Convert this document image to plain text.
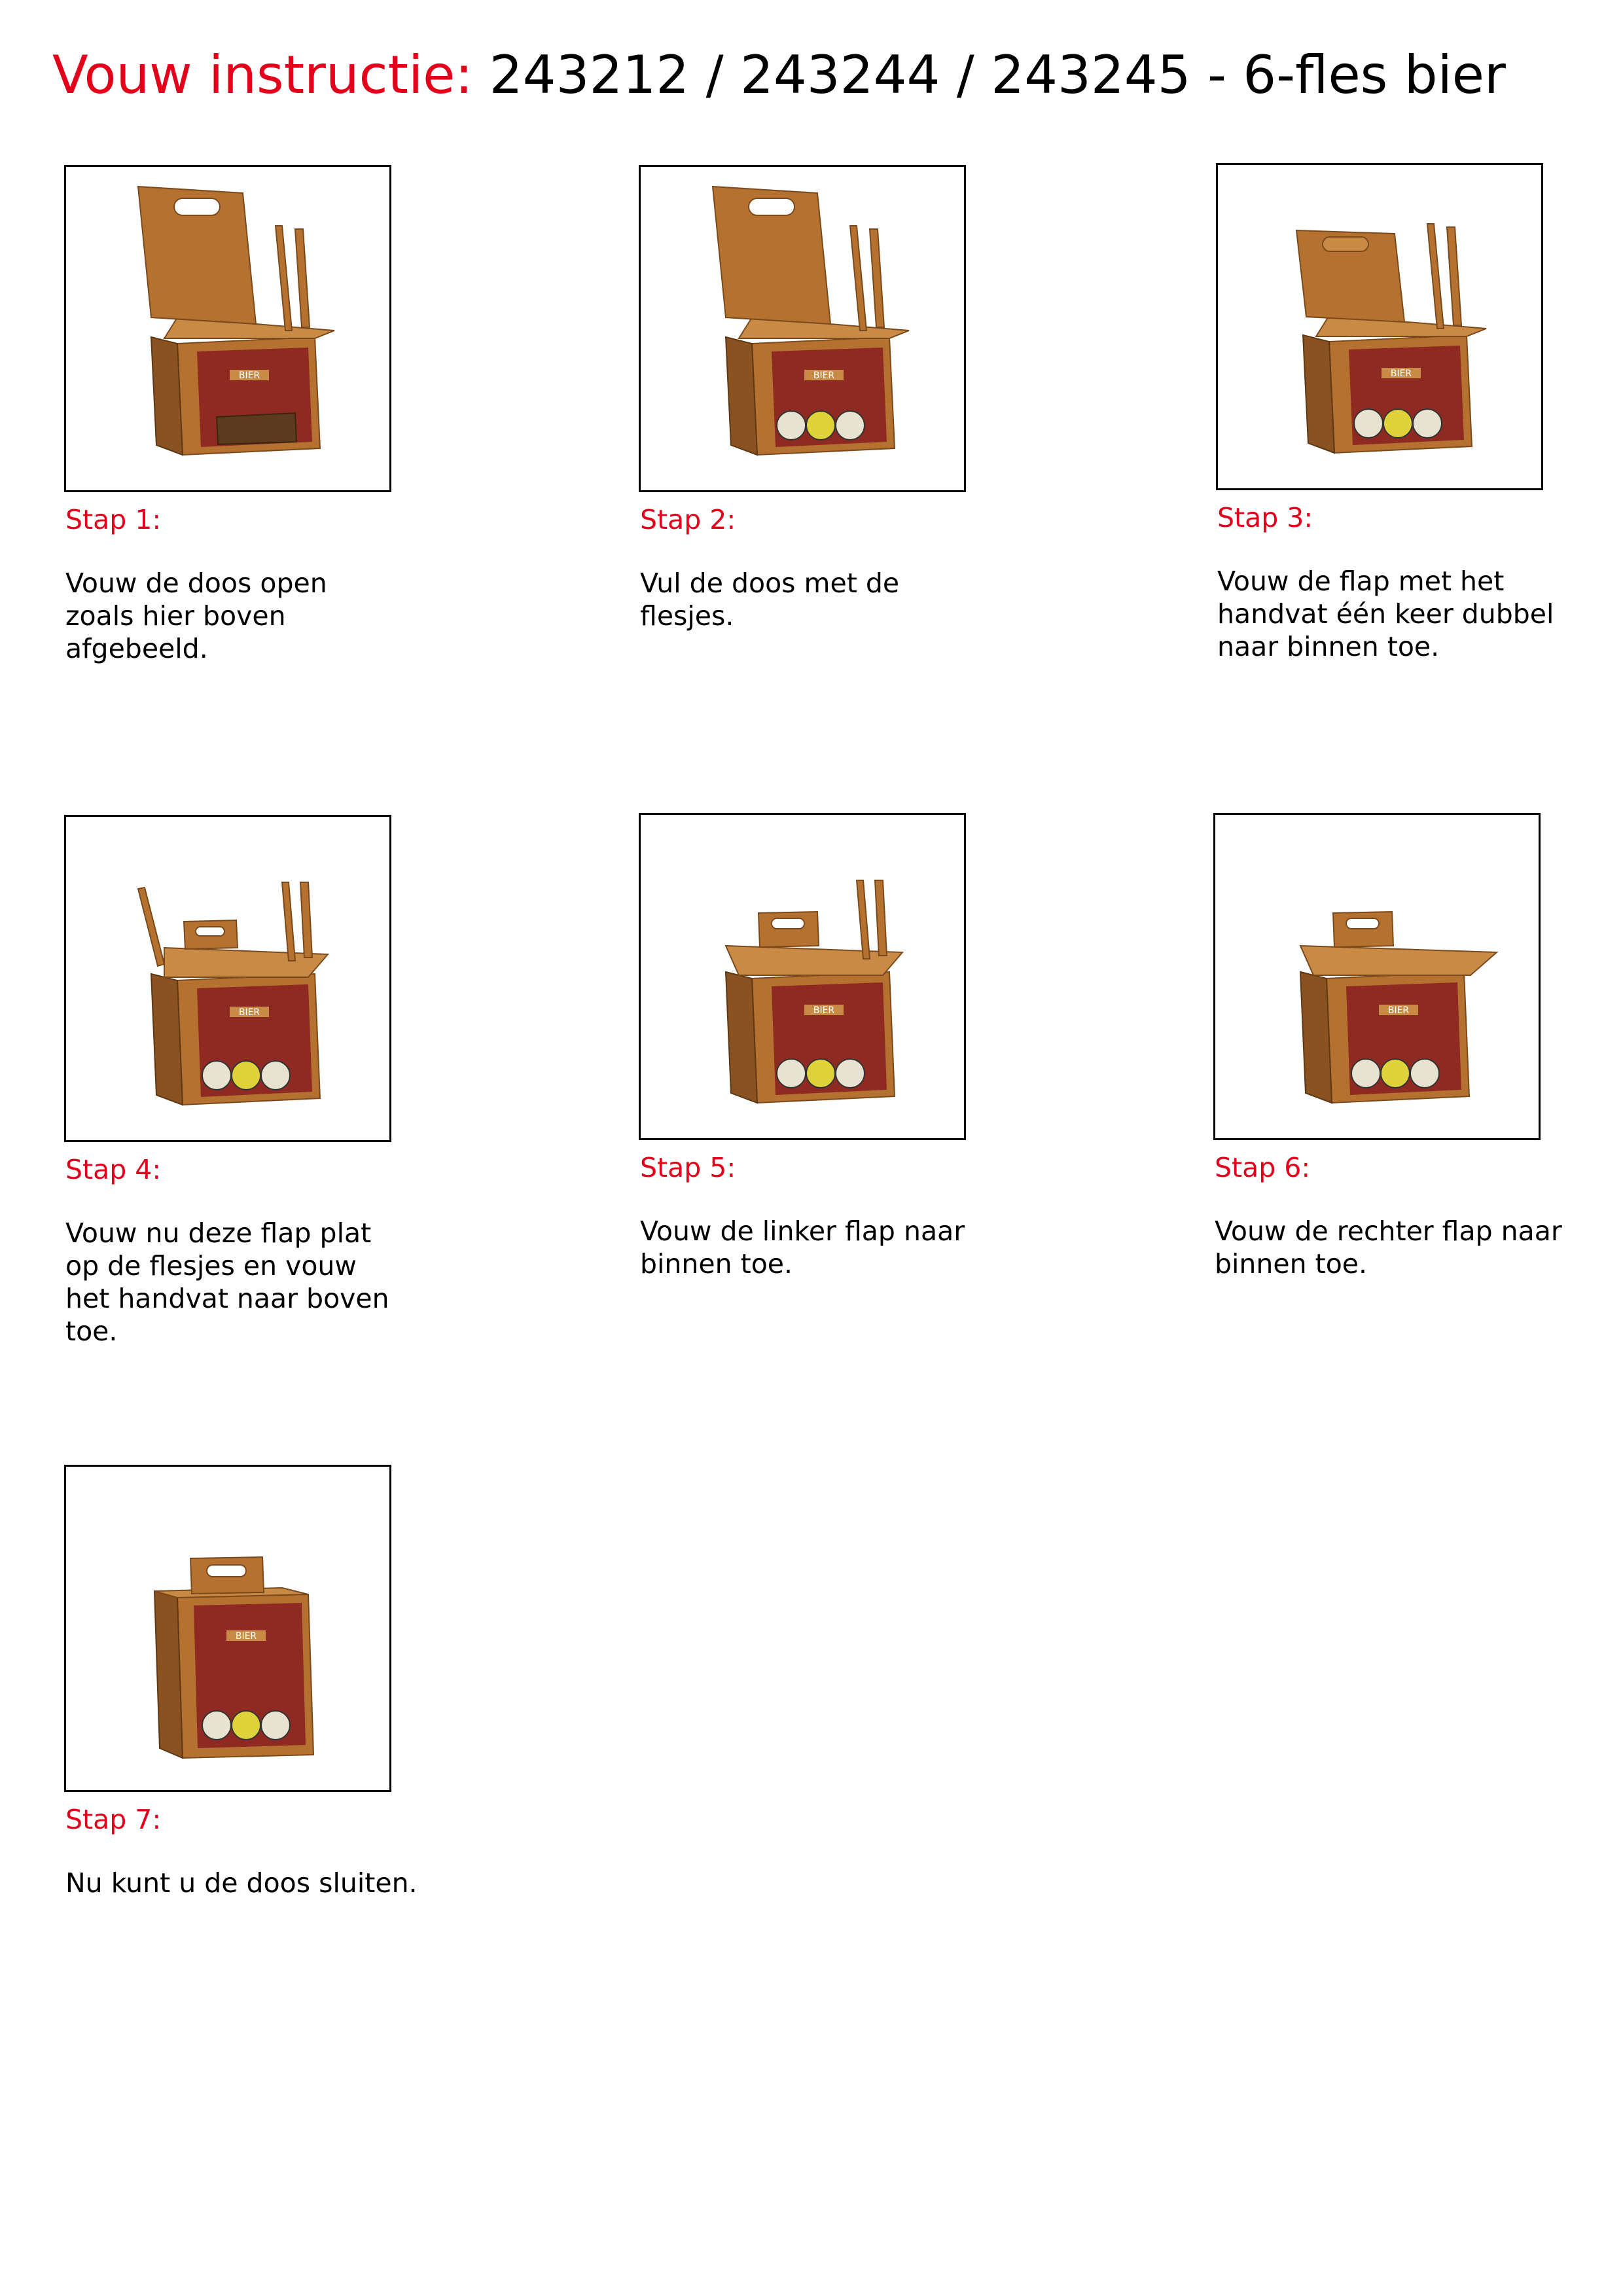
Vouw instructie: 243212 / 243244 / 243245 - 6-fles bier
BIER
Stap 1:
Vouw de doos open
zoals hier boven
afgebeeld.
BIER
Stap 2:
Vul de doos met de
flesjes.
BIER
Stap 3:
Vouw de flap met het
handvat één keer dubbel
naar binnen toe.
BIER
Stap 4:
Vouw nu deze flap plat
op de flesjes en vouw
het handvat naar boven
toe.
BIER
Stap 5:
Vouw de linker flap naar
binnen toe.
BIER
Stap 6:
Vouw de rechter flap naar
binnen toe.
BIER
Stap 7:
Nu kunt u de doos sluiten.
